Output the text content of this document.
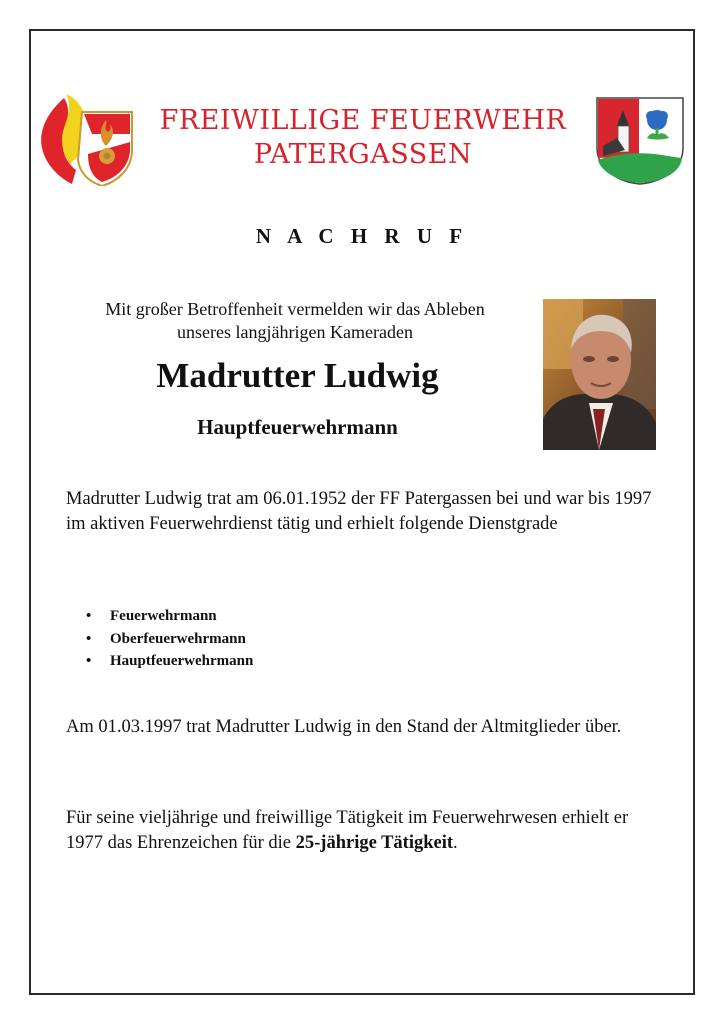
FREIWILLIGE FEUERWEHR
PATERGASSEN
N A C H R U F
Mit großer Betroffenheit vermelden wir das Ableben
unseres langjährigen Kameraden
Madrutter Ludwig
Hauptfeuerwehrmann
Madrutter Ludwig trat am 06.01.1952 der FF Patergassen bei und war bis 1997 im aktiven Feuerwehrdienst tätig und erhielt folgende Dienstgrade
• Feuerwehrmann
• Oberfeuerwehrmann
• Hauptfeuerwehrmann
Am 01.03.1997 trat Madrutter Ludwig in den Stand der Altmitglieder über.
Für seine vieljährige und freiwillige Tätigkeit im Feuerwehrwesen erhielt er 1977 das Ehrenzeichen für die 25-jährige Tätigkeit.
